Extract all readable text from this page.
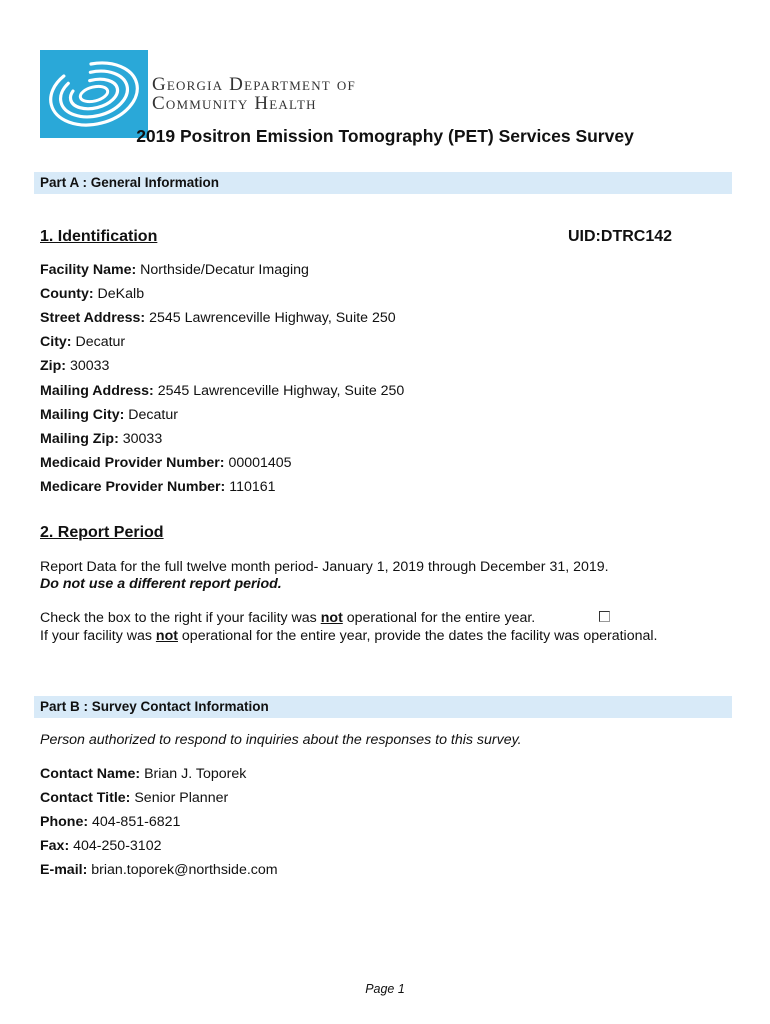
Georgia Department of
Community Health
2019 Positron Emission Tomography (PET) Services Survey
Part A : General Information
1. Identification	UID:DTRC142
Facility Name: Northside/Decatur Imaging
County: DeKalb
Street Address: 2545 Lawrenceville Highway, Suite 250
City: Decatur
Zip: 30033
Mailing Address: 2545 Lawrenceville Highway, Suite 250
Mailing City: Decatur
Mailing Zip: 30033
Medicaid Provider Number: 00001405
Medicare Provider Number: 110161
2. Report Period
Report Data for the full twelve month period- January 1, 2019 through December 31, 2019.
Do not use a different report period.
Check the box to the right if your facility was not operational for the entire year.
If your facility was not operational for the entire year, provide the dates the facility was operational.
Part B : Survey Contact Information
Person authorized to respond to inquiries about the responses to this survey.
Contact Name: Brian J. Toporek
Contact Title: Senior Planner
Phone: 404-851-6821
Fax: 404-250-3102
E-mail: brian.toporek@northside.com
Page 1
